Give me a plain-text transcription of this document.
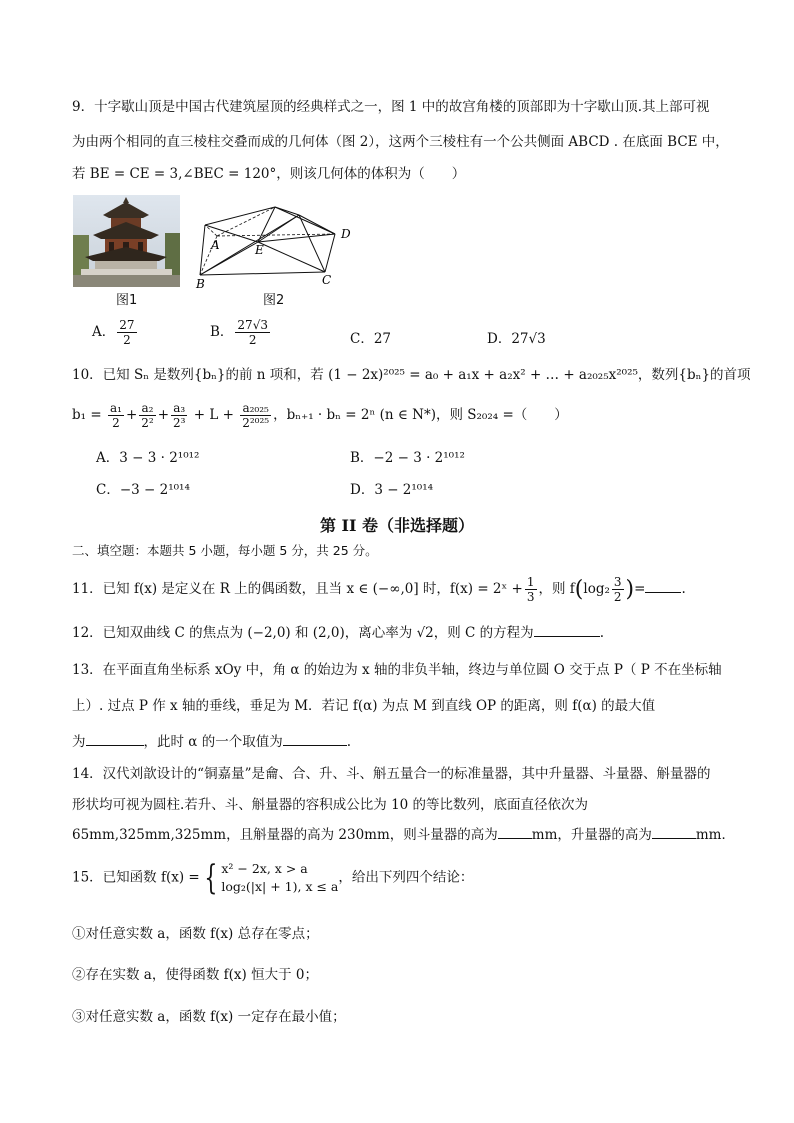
9．十字歇山顶是中国古代建筑屋顶的经典样式之一，图 1 中的故宫角楼的顶部即为十字歇山顶.其上部可视
为由两个相同的直三棱柱交叠而成的几何体（图 2），这两个三棱柱有一个公共侧面 ABCD . 在底面 BCE 中，
若 BE = CE = 3,∠BEC = 120°，则该几何体的体积为（　　）
图1
A
B	C
D
E
图2
A． $\frac{27}{2}$	B． $\frac{27√3}{2}$	C．27	D．27√3
10．已知 Sₙ 是数列{bₙ}的前 n 项和，若 (1 − 2x)²⁰²⁵ = a₀ + a₁x + a₂x² + … + a₂₀₂₅x²⁰²⁵，数列{bₙ}的首项
$b_1 = \frac{\text{a₁}}{2} + \frac{\text{a₂}}{\text{2²}} + \frac{\text{a₃}}{\text{2³}} + L + \frac{\text{a₂₀₂₅}}{\text{2²⁰²⁵}}$ ，bₙ₊₁ · bₙ = 2ⁿ (n ∈ N*)，则 S₂₀₂₄ =（　　）
A．3 − 3 · 2¹⁰¹²	B．−2 − 3 · 2¹⁰¹²
C．−3 − 2¹⁰¹⁴	D．3 − 2¹⁰¹⁴
第 II 卷（非选择题）
二、填空题：本题共 5 小题，每小题 5 分，共 25 分。
11．已知 f(x) 是定义在 R 上的偶函数，且当 x ∈ (−∞,0] 时，f(x) = 2ˣ + $\frac{1}{3}$ ，则 $f(\log_2 \frac{3}{2}$ )=	.
12．已知双曲线 C 的焦点为 (−2,0) 和 (2,0)，离心率为 √2，则 C 的方程为	.
13．在平面直角坐标系 xOy 中，角 α 的始边为 x 轴的非负半轴，终边与单位圆 O 交于点 P（ P 不在坐标轴
上）. 过点 P 作 x 轴的垂线，垂足为 M．若记 f(α) 为点 M 到直线 OP 的距离，则 f(α) 的最大值
为	，此时 α 的一个取值为	.
14．汉代刘歆设计的“铜嘉量”是龠、合、升、斗、斛五量合一的标准量器，其中升量器、斗量器、斛量器的
形状均可视为圆柱.若升、斗、斛量器的容积成公比为 10 的等比数列，底面直径依次为
65mm,325mm,325mm，且斛量器的高为 230mm，则斗量器的高为	mm，升量器的高为	mm．
15．已知函数 f(x) = { x² − 2x, x > a
log₂(|x| + 1), x ≤ a
，给出下列四个结论：
①对任意实数 a，函数 f(x) 总存在零点；
②存在实数 a，使得函数 f(x) 恒大于 0；
③对任意实数 a，函数 f(x) 一定存在最小值；
